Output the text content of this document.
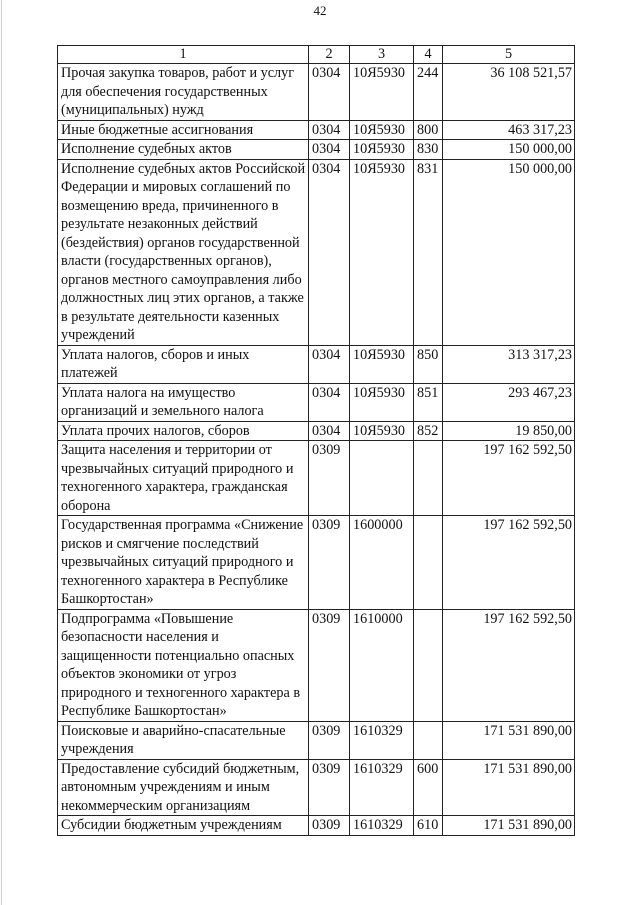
42
1	2	3	4	5
Прочая закупка товаров, работ и услуг для обеспечения государственных (муниципальных) нужд	0304	10Я5930	244	36 108 521,57
Иные бюджетные ассигнования	0304	10Я5930	800	463 317,23
Исполнение судебных актов	0304	10Я5930	830	150 000,00
Исполнение судебных актов Российской Федерации и мировых соглашений по возмещению вреда, причиненного в результате незаконных действий (бездействия) органов государственной власти (государственных органов), органов местного самоуправления либо должностных лиц этих органов, а также в результате деятельности казенных учреждений	0304	10Я5930	831	150 000,00
Уплата налогов, сборов и иных платежей	0304	10Я5930	850	313 317,23
Уплата налога на имущество организаций и земельного налога	0304	10Я5930	851	293 467,23
Уплата прочих налогов, сборов	0304	10Я5930	852	19 850,00
Защита населения и территории от чрезвычайных ситуаций природного и техногенного характера, гражданская оборона	0309			197 162 592,50
Государственная программа «Снижение рисков и смягчение последствий чрезвычайных ситуаций природного и техногенного характера в Республике Башкортостан»	0309	1600000		197 162 592,50
Подпрограмма «Повышение безопасности населения и защищенности потенциально опасных объектов экономики от угроз природного и техногенного характера в Республике Башкортостан»	0309	1610000		197 162 592,50
Поисковые и аварийно-спасательные учреждения	0309	1610329		171 531 890,00
Предоставление субсидий бюджетным, автономным учреждениям и иным некоммерческим организациям	0309	1610329	600	171 531 890,00
Субсидии бюджетным учреждениям	0309	1610329	610	171 531 890,00
